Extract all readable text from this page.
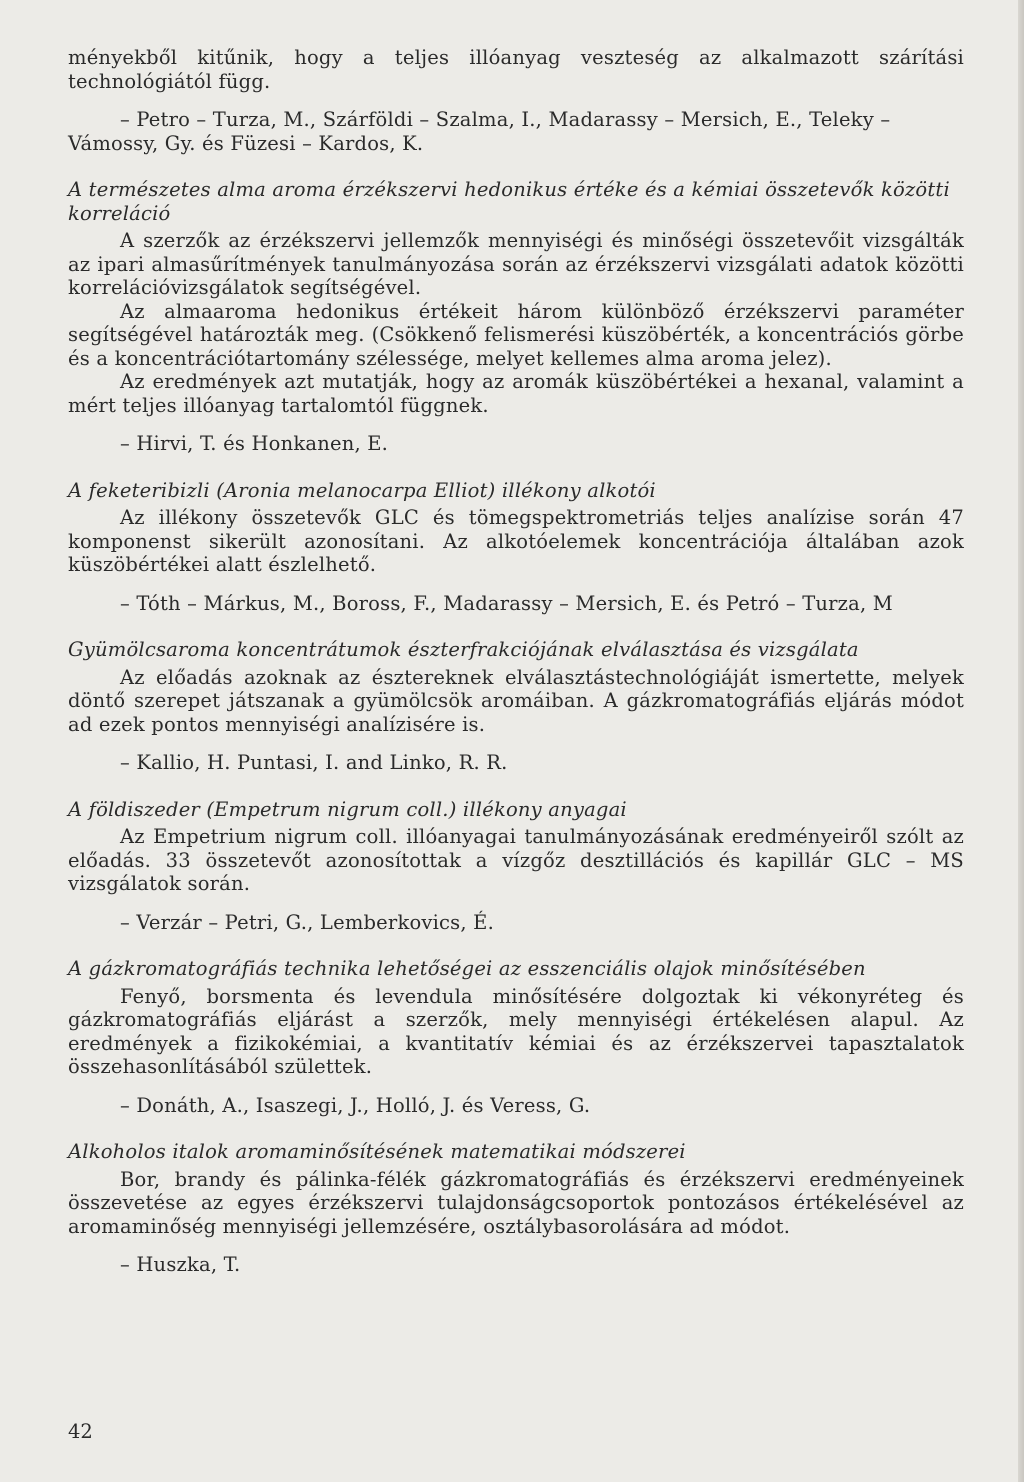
ményekből kitűnik, hogy a teljes illóanyag veszteség az alkalmazott szárítási technológiától függ.

– Petro – Turza, M., Szárföldi – Szalma, I., Madarassy – Mersich, E., Teleky – Vámossy, Gy. és Füzesi – Kardos, K.

A természetes alma aroma érzékszervi hedonikus értéke és a kémiai összetevők közötti korreláció

A szerzők az érzékszervi jellemzők mennyiségi és minőségi összetevőit vizsgálták az ipari almasűrítmények tanulmányozása során az érzékszervi vizsgálati adatok közötti korrelációvizsgálatok segítségével.

Az almaaroma hedonikus értékeit három különböző érzékszervi paraméter segítségével határozták meg. (Csökkenő felismerési küszöbérték, a koncentrációs görbe és a koncentrációtartomány szélessége, melyet kellemes alma aroma jelez).

Az eredmények azt mutatják, hogy az aromák küszöbértékei a hexanal, valamint a mért teljes illóanyag tartalomtól függnek.

– Hirvi, T. és Honkanen, E.

A feketeribizli (Aronia melanocarpa Elliot) illékony alkotói

Az illékony összetevők GLC és tömegspektrometriás teljes analízise során 47 komponenst sikerült azonosítani. Az alkotóelemek koncentrációja általában azok küszöbértékei alatt észlelhető.

– Tóth – Márkus, M., Boross, F., Madarassy – Mersich, E. és Petró – Turza, M

Gyümölcsaroma koncentrátumok észterfrakciójának elválasztása és vizsgálata

Az előadás azoknak az észtereknek elválasztástechnológiáját ismertette, melyek döntő szerepet játszanak a gyümölcsök aromáiban. A gázkromatográfiás eljárás módot ad ezek pontos mennyiségi analízisére is.

– Kallio, H. Puntasi, I. and Linko, R. R.

A földiszeder (Empetrum nigrum coll.) illékony anyagai

Az Empetrium nigrum coll. illóanyagai tanulmányozásának eredményeiről szólt az előadás. 33 összetevőt azonosítottak a vízgőz desztillációs és kapillár GLC – MS vizsgálatok során.

– Verzár – Petri, G., Lemberkovics, É.

A gázkromatográfiás technika lehetőségei az esszenciális olajok minősítésében

Fenyő, borsmenta és levendula minősítésére dolgoztak ki vékonyréteg és gázkromatográfiás eljárást a szerzők, mely mennyiségi értékelésen alapul. Az eredmények a fizikokémiai, a kvantitatív kémiai és az érzékszervei tapasztalatok összehasonlításából születtek.

– Donáth, A., Isaszegi, J., Holló, J. és Veress, G.

Alkoholos italok aromaminősítésének matematikai módszerei

Bor, brandy és pálinka-félék gázkromatográfiás és érzékszervi eredményeinek összevetése az egyes érzékszervi tulajdonságcsoportok pontozásos értékelésével az aromaminőség mennyiségi jellemzésére, osztálybasorolására ad módot.

– Huszka, T.

42
